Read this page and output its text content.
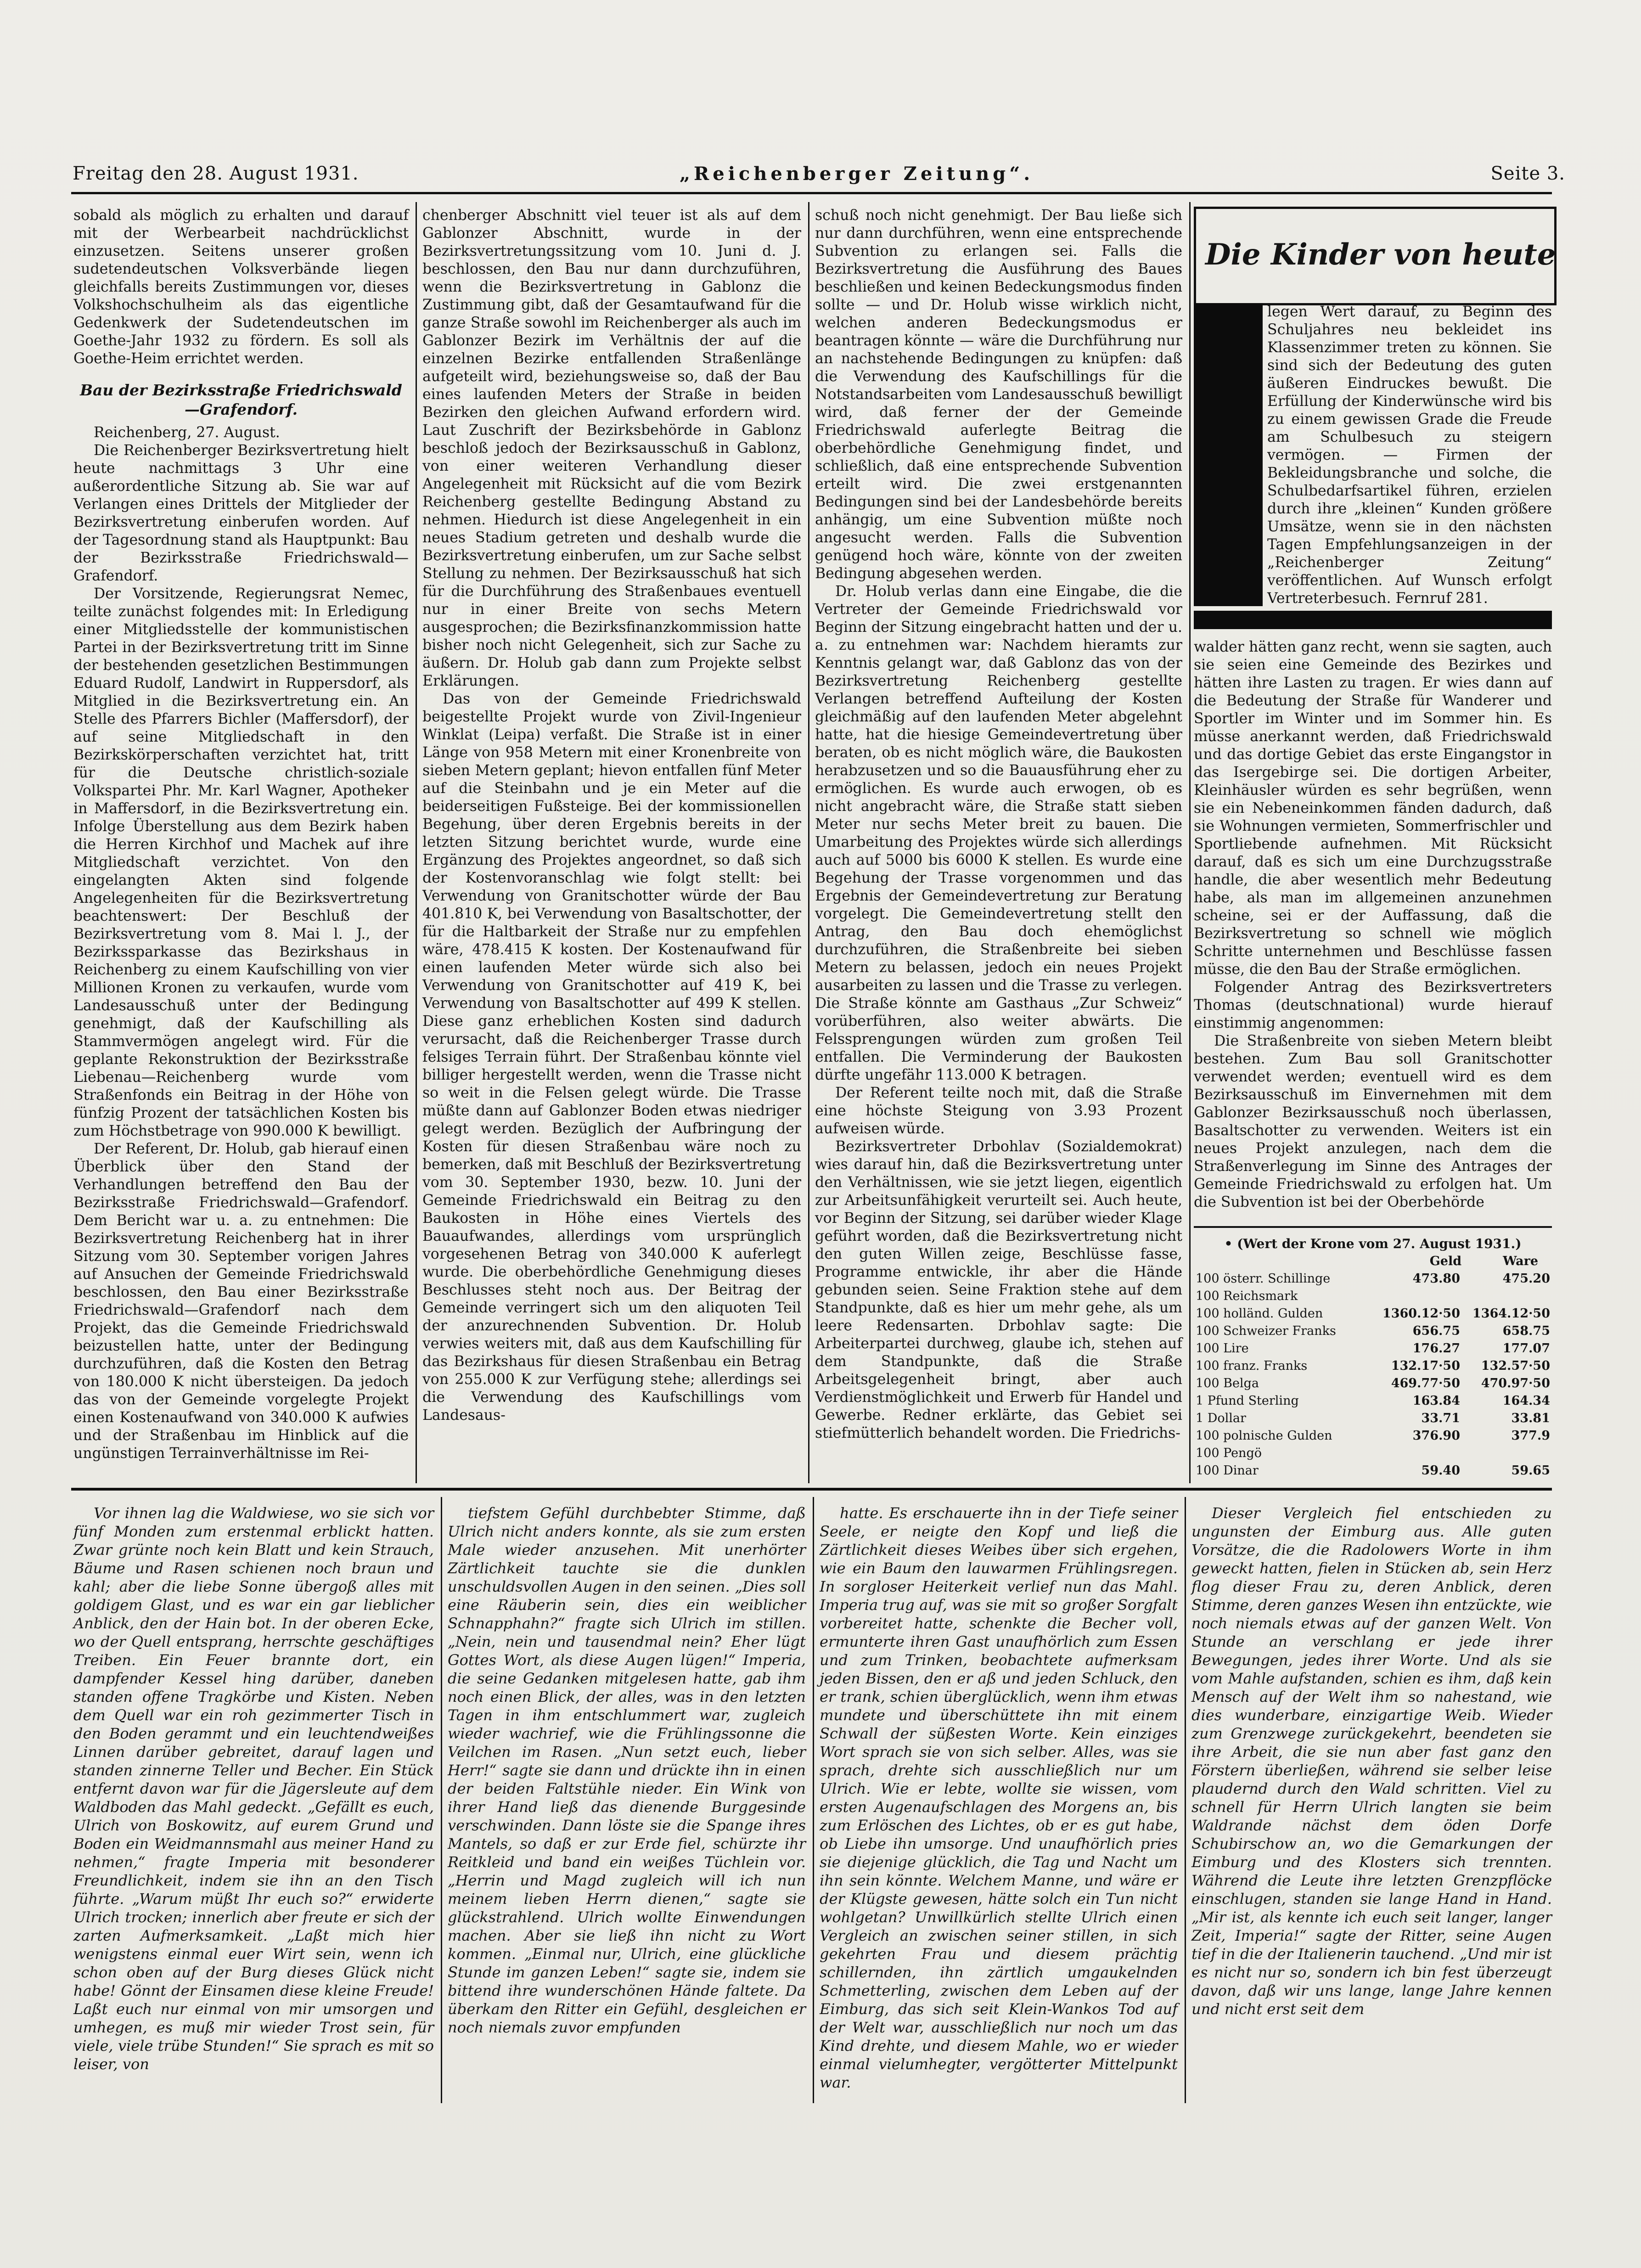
Freitag den 28. August 1931.	„Reichenberger Zeitung“.	Seite 3.

sobald als möglich zu erhalten und darauf mit der Werbearbeit nachdrücklichst einzusetzen. Seitens unserer großen sudetendeutschen Volksverbände liegen gleichfalls bereits Zustimmungen vor, dieses Volkshochschulheim als das eigentliche Gedenkwerk der Sudetendeutschen im Goethe-Jahr 1932 zu fördern. Es soll als Goethe-Heim errichtet werden.

Bau der Bezirksstraße Friedrichswald—Grafendorf.

Reichenberg, 27. August.

Die Reichenberger Bezirksvertretung hielt heute nachmittags 3 Uhr eine außerordentliche Sitzung ab. Sie war auf Verlangen eines Drittels der Mitglieder der Bezirksvertretung einberufen worden. Auf der Tagesordnung stand als Hauptpunkt: Bau der Bezirksstraße Friedrichswald—Grafendorf.

Der Vorsitzende, Regierungsrat Nemec, teilte zunächst folgendes mit: In Erledigung einer Mitgliedsstelle der kommunistischen Partei in der Bezirksvertretung tritt im Sinne der bestehenden gesetzlichen Bestimmungen Eduard Rudolf, Landwirt in Ruppersdorf, als Mitglied in die Bezirksvertretung ein. An Stelle des Pfarrers Bichler (Maffersdorf), der auf seine Mitgliedschaft in den Bezirkskörperschaften verzichtet hat, tritt für die Deutsche christlich-soziale Volkspartei Phr. Mr. Karl Wagner, Apotheker in Maffersdorf, in die Bezirksvertretung ein. Infolge Überstellung aus dem Bezirk haben die Herren Kirchhof und Machek auf ihre Mitgliedschaft verzichtet. Von den eingelangten Akten sind folgende Angelegenheiten für die Bezirksvertretung beachtenswert: Der Beschluß der Bezirksvertretung vom 8. Mai l. J., der Bezirkssparkasse das Bezirkshaus in Reichenberg zu einem Kaufschilling von vier Millionen Kronen zu verkaufen, wurde vom Landesausschuß unter der Bedingung genehmigt, daß der Kaufschilling als Stammvermögen angelegt wird. Für die geplante Rekonstruktion der Bezirksstraße Liebenau—Reichenberg wurde vom Straßenfonds ein Beitrag in der Höhe von fünfzig Prozent der tatsächlichen Kosten bis zum Höchstbetrage von 990.000 K bewilligt.

Der Referent, Dr. Holub, gab hierauf einen Überblick über den Stand der Verhandlungen betreffend den Bau der Bezirksstraße Friedrichswald—Grafendorf. Dem Bericht war u. a. zu entnehmen: Die Bezirksvertretung Reichenberg hat in ihrer Sitzung vom 30. September vorigen Jahres auf Ansuchen der Gemeinde Friedrichswald beschlossen, den Bau einer Bezirksstraße Friedrichswald—Grafendorf nach dem Projekt, das die Gemeinde Friedrichswald beizustellen hatte, unter der Bedingung durchzuführen, daß die Kosten den Betrag von 180.000 K nicht übersteigen. Da jedoch das von der Gemeinde vorgelegte Projekt einen Kostenaufwand von 340.000 K aufwies und der Straßenbau im Hinblick auf die ungünstigen Terrainverhältnisse im Rei-

chenberger Abschnitt viel teuer ist als auf dem Gablonzer Abschnitt, wurde in der Bezirksvertretungssitzung vom 10. Juni d. J. beschlossen, den Bau nur dann durchzuführen, wenn die Bezirksvertretung in Gablonz die Zustimmung gibt, daß der Gesamtaufwand für die ganze Straße sowohl im Reichenberger als auch im Gablonzer Bezirk im Verhältnis der auf die einzelnen Bezirke entfallenden Straßenlänge aufgeteilt wird, beziehungsweise so, daß der Bau eines laufenden Meters der Straße in beiden Bezirken den gleichen Aufwand erfordern wird. Laut Zuschrift der Bezirksbehörde in Gablonz beschloß jedoch der Bezirksausschuß in Gablonz, von einer weiteren Verhandlung dieser Angelegenheit mit Rücksicht auf die vom Bezirk Reichenberg gestellte Bedingung Abstand zu nehmen. Hiedurch ist diese Angelegenheit in ein neues Stadium getreten und deshalb wurde die Bezirksvertretung einberufen, um zur Sache selbst Stellung zu nehmen. Der Bezirksausschuß hat sich für die Durchführung des Straßenbaues eventuell nur in einer Breite von sechs Metern ausgesprochen; die Bezirksfinanzkommission hatte bisher noch nicht Gelegenheit, sich zur Sache zu äußern. Dr. Holub gab dann zum Projekte selbst Erklärungen.

Das von der Gemeinde Friedrichswald beigestellte Projekt wurde von Zivil-Ingenieur Winklat (Leipa) verfaßt. Die Straße ist in einer Länge von 958 Metern mit einer Kronenbreite von sieben Metern geplant; hievon entfallen fünf Meter auf die Steinbahn und je ein Meter auf die beiderseitigen Fußsteige. Bei der kommissionellen Begehung, über deren Ergebnis bereits in der letzten Sitzung berichtet wurde, wurde eine Ergänzung des Projektes angeordnet, so daß sich der Kostenvoranschlag wie folgt stellt: bei Verwendung von Granitschotter würde der Bau 401.810 K, bei Verwendung von Basaltschotter, der für die Haltbarkeit der Straße nur zu empfehlen wäre, 478.415 K kosten. Der Kostenaufwand für einen laufenden Meter würde sich also bei Verwendung von Granitschotter auf 419 K, bei Verwendung von Basaltschotter auf 499 K stellen. Diese ganz erheblichen Kosten sind dadurch verursacht, daß die Reichenberger Trasse durch felsiges Terrain führt. Der Straßenbau könnte viel billiger hergestellt werden, wenn die Trasse nicht so weit in die Felsen gelegt würde. Die Trasse müßte dann auf Gablonzer Boden etwas niedriger gelegt werden. Bezüglich der Aufbringung der Kosten für diesen Straßenbau wäre noch zu bemerken, daß mit Beschluß der Bezirksvertretung vom 30. September 1930, bezw. 10. Juni der Gemeinde Friedrichswald ein Beitrag zu den Baukosten in Höhe eines Viertels des Bauaufwandes, allerdings vom ursprünglich vorgesehenen Betrag von 340.000 K auferlegt wurde. Die oberbehördliche Genehmigung dieses Beschlusses steht noch aus. Der Beitrag der Gemeinde verringert sich um den aliquoten Teil der anzurechnenden Subvention. Dr. Holub verwies weiters mit, daß aus dem Kaufschilling für das Bezirkshaus für diesen Straßenbau ein Betrag von 255.000 K zur Verfügung stehe; allerdings sei die Verwendung des Kaufschillings vom Landesaus-

schuß noch nicht genehmigt. Der Bau ließe sich nur dann durchführen, wenn eine entsprechende Subvention zu erlangen sei. Falls die Bezirksvertretung die Ausführung des Baues beschließen und keinen Bedeckungsmodus finden sollte — und Dr. Holub wisse wirklich nicht, welchen anderen Bedeckungsmodus er beantragen könnte — wäre die Durchführung nur an nachstehende Bedingungen zu knüpfen: daß die Verwendung des Kaufschillings für die Notstandsarbeiten vom Landesausschuß bewilligt wird, daß ferner der der Gemeinde Friedrichswald auferlegte Beitrag die oberbehördliche Genehmigung findet, und schließlich, daß eine entsprechende Subvention erteilt wird. Die zwei erstgenannten Bedingungen sind bei der Landesbehörde bereits anhängig, um eine Subvention müßte noch angesucht werden. Falls die Subvention genügend hoch wäre, könnte von der zweiten Bedingung abgesehen werden.

Dr. Holub verlas dann eine Eingabe, die die Vertreter der Gemeinde Friedrichswald vor Beginn der Sitzung eingebracht hatten und der u. a. zu entnehmen war: Nachdem hieramts zur Kenntnis gelangt war, daß Gablonz das von der Bezirksvertretung Reichenberg gestellte Verlangen betreffend Aufteilung der Kosten gleichmäßig auf den laufenden Meter abgelehnt hatte, hat die hiesige Gemeindevertretung über beraten, ob es nicht möglich wäre, die Baukosten herabzusetzen und so die Bauausführung eher zu ermöglichen. Es wurde auch erwogen, ob es nicht angebracht wäre, die Straße statt sieben Meter nur sechs Meter breit zu bauen. Die Umarbeitung des Projektes würde sich allerdings auch auf 5000 bis 6000 K stellen. Es wurde eine Begehung der Trasse vorgenommen und das Ergebnis der Gemeindevertretung zur Beratung vorgelegt. Die Gemeindevertretung stellt den Antrag, den Bau doch ehemöglichst durchzuführen, die Straßenbreite bei sieben Metern zu belassen, jedoch ein neues Projekt ausarbeiten zu lassen und die Trasse zu verlegen. Die Straße könnte am Gasthaus „Zur Schweiz“ vorüberführen, also weiter abwärts. Die Felssprengungen würden zum großen Teil entfallen. Die Verminderung der Baukosten dürfte ungefähr 113.000 K betragen.

Der Referent teilte noch mit, daß die Straße eine höchste Steigung von 3.93 Prozent aufweisen würde.

Bezirksvertreter Drbohlav (Sozialdemokrat) wies darauf hin, daß die Bezirksvertretung unter den Verhältnissen, wie sie jetzt liegen, eigentlich zur Arbeitsunfähigkeit verurteilt sei. Auch heute, vor Beginn der Sitzung, sei darüber wieder Klage geführt worden, daß die Bezirksvertretung nicht den guten Willen zeige, Beschlüsse fasse, Programme entwickle, ihr aber die Hände gebunden seien. Seine Fraktion stehe auf dem Standpunkte, daß es hier um mehr gehe, als um leere Redensarten. Drbohlav sagte: Die Arbeiterpartei durchweg, glaube ich, stehen auf dem Standpunkte, daß die Straße Arbeitsgelegenheit bringt, aber auch Verdienstmöglichkeit und Erwerb für Handel und Gewerbe. Redner erklärte, das Gebiet sei stiefmütterlich behandelt worden. Die Friedrichs-

Die Kinder von heute

legen Wert darauf, zu Beginn des Schuljahres neu bekleidet ins Klassenzimmer treten zu können. Sie sind sich der Bedeutung des guten äußeren Eindruckes bewußt. Die Erfüllung der Kinderwünsche wird bis zu einem gewissen Grade die Freude am Schulbesuch zu steigern vermögen. — Firmen der Bekleidungsbranche und solche, die Schulbedarfsartikel führen, erzielen durch ihre „kleinen“ Kunden größere Umsätze, wenn sie in den nächsten Tagen Empfehlungsanzeigen in der „Reichenberger Zeitung“ veröffentlichen. Auf Wunsch erfolgt Vertreterbesuch. Fernruf 281.

walder hätten ganz recht, wenn sie sagten, auch sie seien eine Gemeinde des Bezirkes und hätten ihre Lasten zu tragen. Er wies dann auf die Bedeutung der Straße für Wanderer und Sportler im Winter und im Sommer hin. Es müsse anerkannt werden, daß Friedrichswald und das dortige Gebiet das erste Eingangstor in das Isergebirge sei. Die dortigen Arbeiter, Kleinhäusler würden es sehr begrüßen, wenn sie ein Nebeneinkommen fänden dadurch, daß sie Wohnungen vermieten, Sommerfrischler und Sportliebende aufnehmen. Mit Rücksicht darauf, daß es sich um eine Durchzugsstraße handle, die aber wesentlich mehr Bedeutung habe, als man im allgemeinen anzunehmen scheine, sei er der Auffassung, daß die Bezirksvertretung so schnell wie möglich Schritte unternehmen und Beschlüsse fassen müsse, die den Bau der Straße ermöglichen.

Folgender Antrag des Bezirksvertreters Thomas (deutschnational) wurde hierauf einstimmig angenommen:

Die Straßenbreite von sieben Metern bleibt bestehen. Zum Bau soll Granitschotter verwendet werden; eventuell wird es dem Bezirksausschuß im Einvernehmen mit dem Gablonzer Bezirksausschuß noch überlassen, Basaltschotter zu verwenden. Weiters ist ein neues Projekt anzulegen, nach dem die Straßenverlegung im Sinne des Antrages der Gemeinde Friedrichswald zu erfolgen hat. Um die Subvention ist bei der Oberbehörde

• (Wert der Krone vom 27. August 1931.)
Geld	Ware
100 österr. Schillinge	473.80	475.20
100 Reichsmark		
100 holländ. Gulden	1360.12·50	1364.12·50
100 Schweizer Franks	656.75	658.75
100 Lire	176.27	177.07
100 franz. Franks	132.17·50	132.57·50
100 Belga	469.77·50	470.97·50
1 Pfund Sterling	163.84	164.34
1 Dollar	33.71	33.81
100 polnische Gulden	376.90	377.9
100 Pengö		
100 Dinar	59.40	59.65

Vor ihnen lag die Waldwiese, wo sie sich vor fünf Monden zum erstenmal erblickt hatten. Zwar grünte noch kein Blatt und kein Strauch, Bäume und Rasen schienen noch braun und kahl; aber die liebe Sonne übergoß alles mit goldigem Glast, und es war ein gar lieblicher Anblick, den der Hain bot. In der oberen Ecke, wo der Quell entsprang, herrschte geschäftiges Treiben. Ein Feuer brannte dort, ein dampfender Kessel hing darüber, daneben standen offene Tragkörbe und Kisten. Neben dem Quell war ein roh gezimmerter Tisch in den Boden gerammt und ein leuchtendweißes Linnen darüber gebreitet, darauf lagen und standen zinnerne Teller und Becher. Ein Stück entfernt davon war für die Jägersleute auf dem Waldboden das Mahl gedeckt. „Gefällt es euch, Ulrich von Boskowitz, auf eurem Grund und Boden ein Weidmannsmahl aus meiner Hand zu nehmen,“ fragte Imperia mit besonderer Freundlichkeit, indem sie ihn an den Tisch führte. „Warum müßt Ihr euch so?“ erwiderte Ulrich trocken; innerlich aber freute er sich der zarten Aufmerksamkeit. „Laßt mich hier wenigstens einmal euer Wirt sein, wenn ich schon oben auf der Burg dieses Glück nicht habe! Gönnt der Einsamen diese kleine Freude! Laßt euch nur einmal von mir umsorgen und umhegen, es muß mir wieder Trost sein, für viele, viele trübe Stunden!“ Sie sprach es mit so leiser, von

tiefstem Gefühl durchbebter Stimme, daß Ulrich nicht anders konnte, als sie zum ersten Male wieder anzusehen. Mit unerhörter Zärtlichkeit tauchte sie die dunklen unschuldsvollen Augen in den seinen. „Dies soll eine Räuberin sein, dies ein weiblicher Schnapphahn?“ fragte sich Ulrich im stillen. „Nein, nein und tausendmal nein? Eher lügt Gottes Wort, als diese Augen lügen!“ Imperia, die seine Gedanken mitgelesen hatte, gab ihm noch einen Blick, der alles, was in den letzten Tagen in ihm entschlummert war, zugleich wieder wachrief, wie die Frühlingssonne die Veilchen im Rasen. „Nun setzt euch, lieber Herr!“ sagte sie dann und drückte ihn in einen der beiden Faltstühle nieder. Ein Wink von ihrer Hand ließ das dienende Burggesinde verschwinden. Dann löste sie die Spange ihres Mantels, so daß er zur Erde fiel, schürzte ihr Reitkleid und band ein weißes Tüchlein vor. „Herrin und Magd zugleich will ich nun meinem lieben Herrn dienen,“ sagte sie glückstrahlend. Ulrich wollte Einwendungen machen. Aber sie ließ ihn nicht zu Wort kommen. „Einmal nur, Ulrich, eine glückliche Stunde im ganzen Leben!“ sagte sie, indem sie bittend ihre wunderschönen Hände faltete. Da überkam den Ritter ein Gefühl, desgleichen er noch niemals zuvor empfunden

hatte. Es erschauerte ihn in der Tiefe seiner Seele, er neigte den Kopf und ließ die Zärtlichkeit dieses Weibes über sich ergehen, wie ein Baum den lauwarmen Frühlingsregen. In sorgloser Heiterkeit verlief nun das Mahl. Imperia trug auf, was sie mit so großer Sorgfalt vorbereitet hatte, schenkte die Becher voll, ermunterte ihren Gast unaufhörlich zum Essen und zum Trinken, beobachtete aufmerksam jeden Bissen, den er aß und jeden Schluck, den er trank, schien überglücklich, wenn ihm etwas mundete und überschüttete ihn mit einem Schwall der süßesten Worte. Kein einziges Wort sprach sie von sich selber. Alles, was sie sprach, drehte sich ausschließlich nur um Ulrich. Wie er lebte, wollte sie wissen, vom ersten Augenaufschlagen des Morgens an, bis zum Erlöschen des Lichtes, ob er es gut habe, ob Liebe ihn umsorge. Und unaufhörlich pries sie diejenige glücklich, die Tag und Nacht um ihn sein könnte. Welchem Manne, und wäre er der Klügste gewesen, hätte solch ein Tun nicht wohlgetan? Unwillkürlich stellte Ulrich einen Vergleich an zwischen seiner stillen, in sich gekehrten Frau und diesem prächtig schillernden, ihn zärtlich umgaukelnden Schmetterling, zwischen dem Leben auf der Eimburg, das sich seit Klein-Wankos Tod auf der Welt war, ausschließlich nur noch um das Kind drehte, und diesem Mahle, wo er wieder einmal vielumhegter, vergötterter Mittelpunkt war.

Dieser Vergleich fiel entschieden zu ungunsten der Eimburg aus. Alle guten Vorsätze, die die Radolowers Worte in ihm geweckt hatten, fielen in Stücken ab, sein Herz flog dieser Frau zu, deren Anblick, deren Stimme, deren ganzes Wesen ihn entzückte, wie noch niemals etwas auf der ganzen Welt. Von Stunde an verschlang er jede ihrer Bewegungen, jedes ihrer Worte. Und als sie vom Mahle aufstanden, schien es ihm, daß kein Mensch auf der Welt ihm so nahestand, wie dies wunderbare, einzigartige Weib. Wieder zum Grenzwege zurückgekehrt, beendeten sie ihre Arbeit, die sie nun aber fast ganz den Förstern überließen, während sie selber leise plaudernd durch den Wald schritten. Viel zu schnell für Herrn Ulrich langten sie beim Waldrande nächst dem öden Dorfe Schubirschow an, wo die Gemarkungen der Eimburg und des Klosters sich trennten. Während die Leute ihre letzten Grenzpflöcke einschlugen, standen sie lange Hand in Hand. „Mir ist, als kennte ich euch seit langer, langer Zeit, Imperia!“ sagte der Ritter, seine Augen tief in die der Italienerin tauchend. „Und mir ist es nicht nur so, sondern ich bin fest überzeugt davon, daß wir uns lange, lange Jahre kennen und nicht erst seit dem
